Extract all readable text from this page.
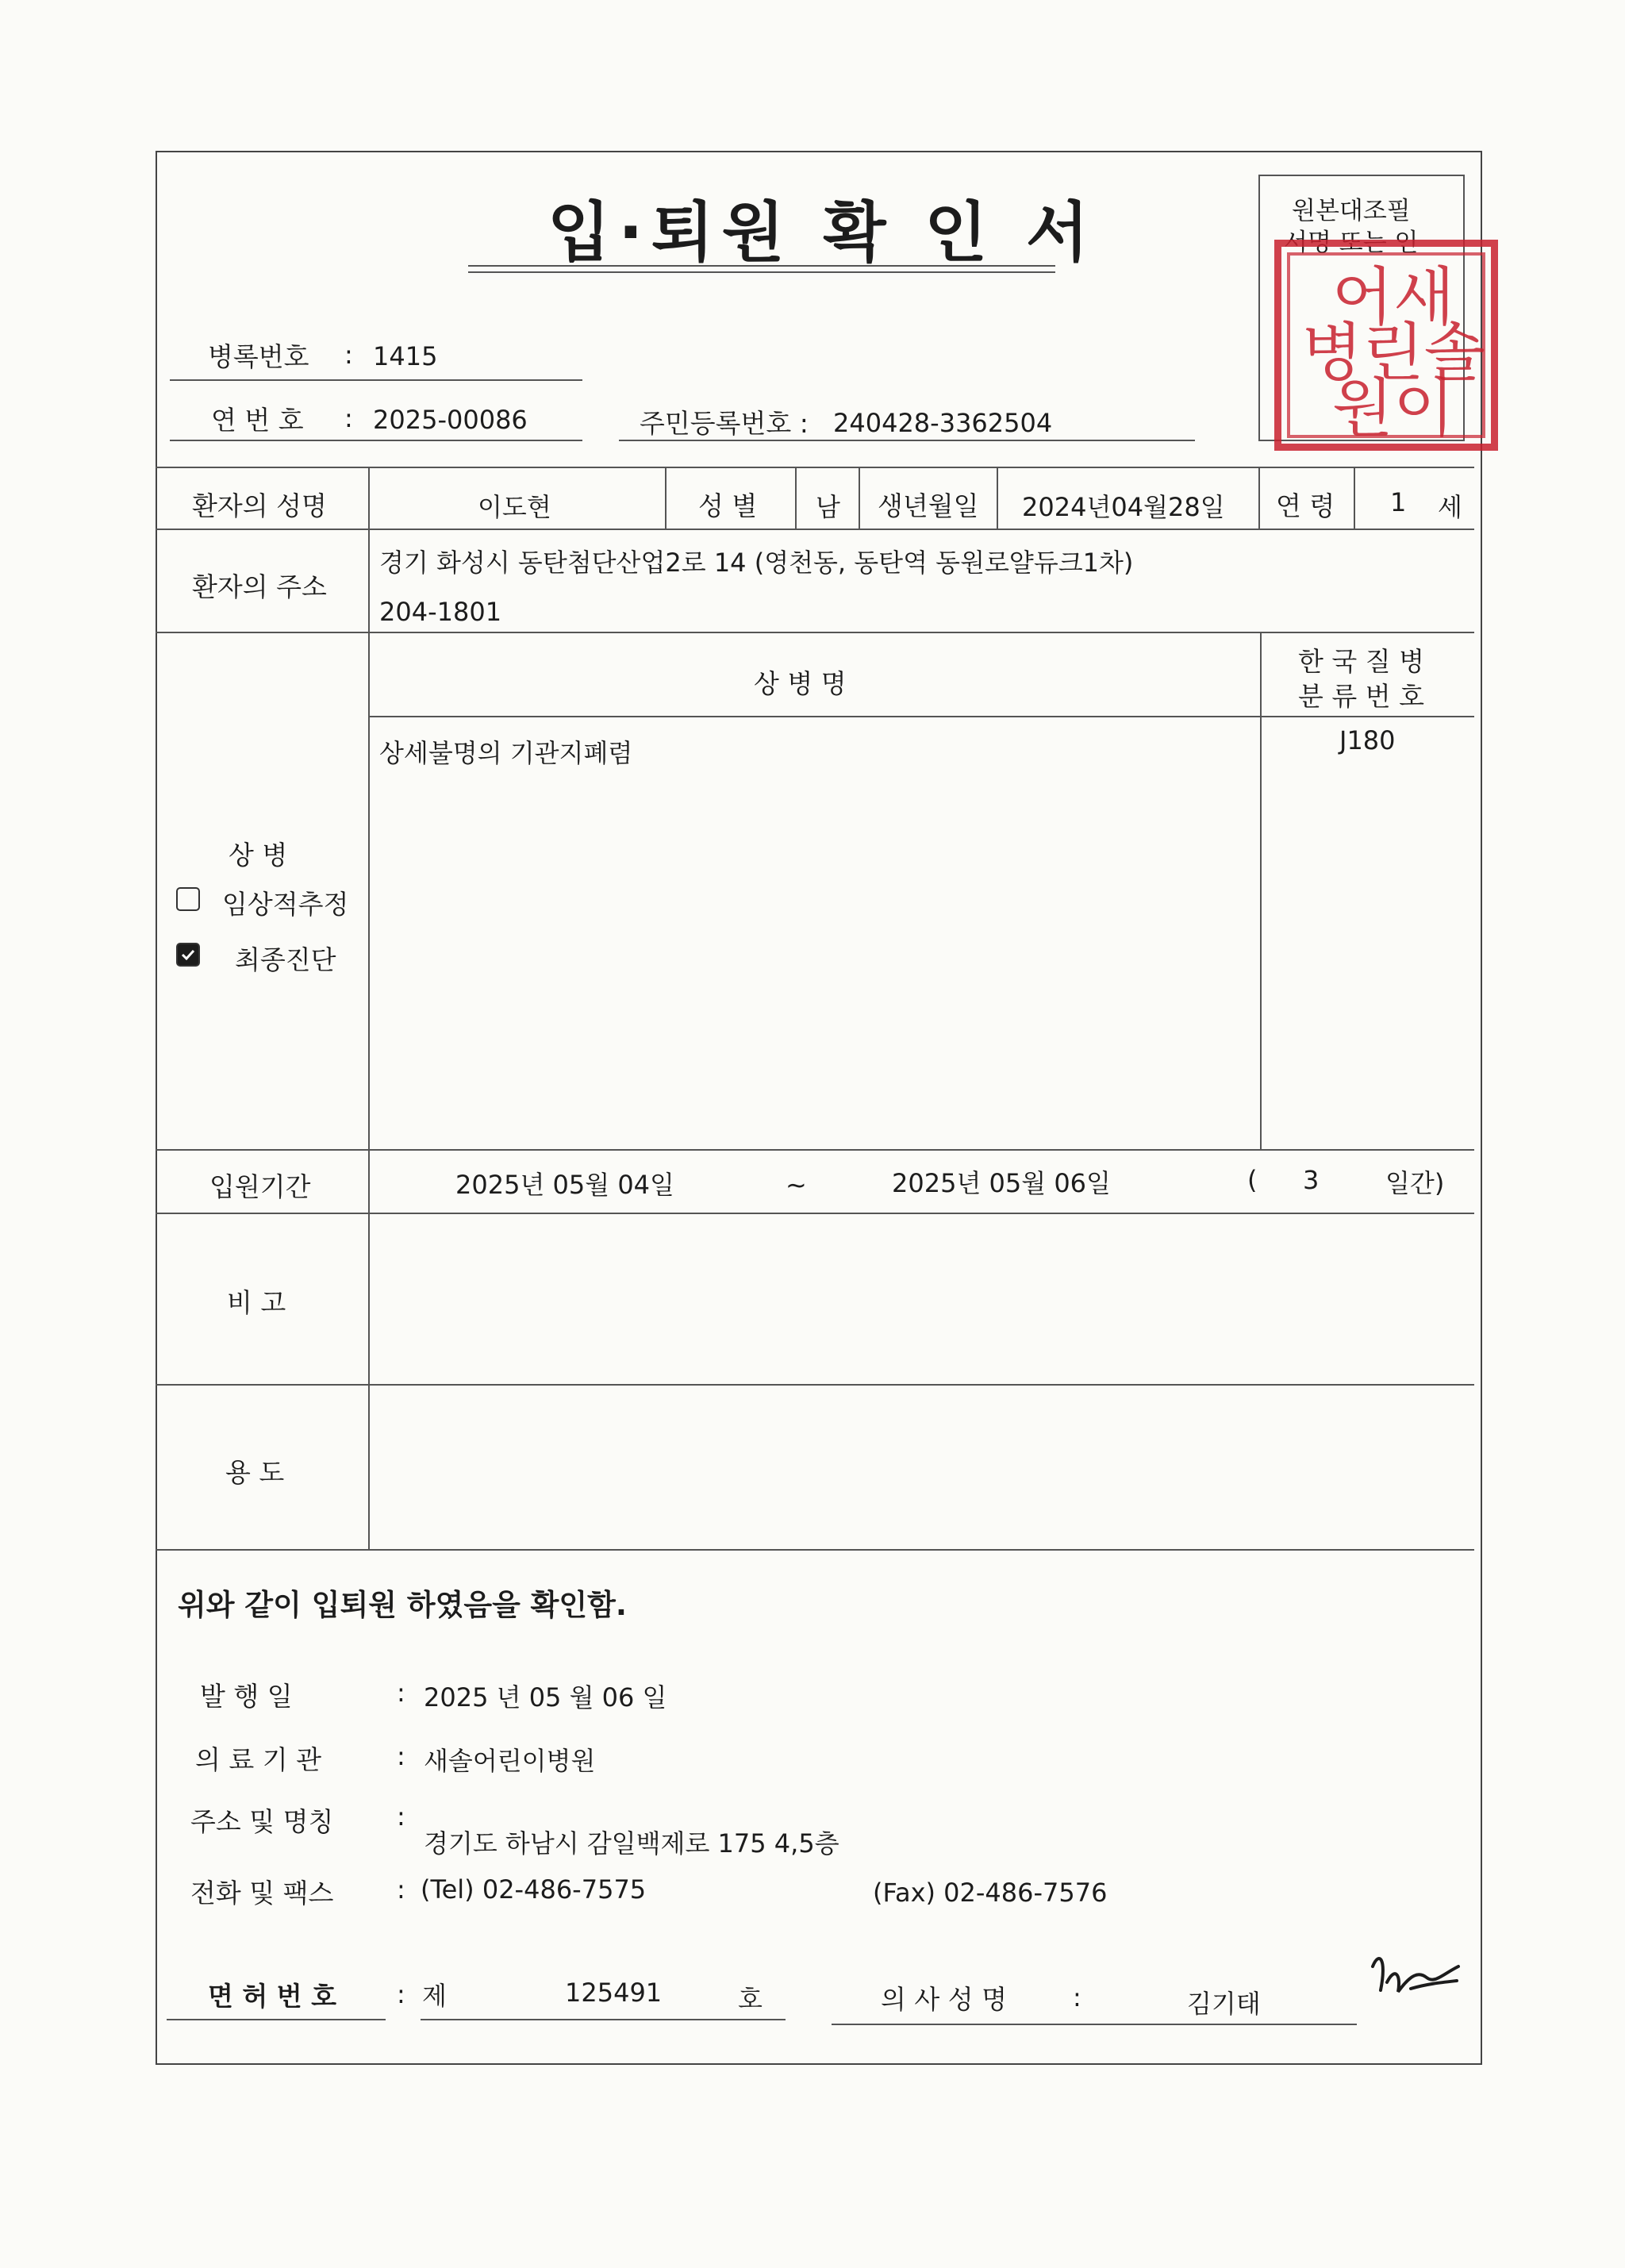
입·퇴원 확 인 서	원본대조필
서명 또는 인
어새
병린솔
원이
병록번호 : 1415
연 번 호 : 2025-00086	주민등록번호 : 240428-3362504
환자의 성명	이도현	성 별 남 생년월일 2024년04월28일 연 령 1 세
환자의 주소
경기 화성시 동탄첨단산업2로 14 (영천동, 동탄역 동원로얄듀크1차)
204-1801
상 병
임상적추정
최종진단
상 병 명
한 국 질 병
분 류 번 호
상세불명의 기관지폐렴	J180
입원기간	2025년 05월 04일	~	2025년 05월 06일	( 3	일간)
비 고
용 도
위와 같이 입퇴원 하였음을 확인함.
발 행 일	: 2025 년 05 월 06 일
의 료 기 관	: 새솔어린이병원
주소 및 명칭 :
경기도 하남시 감일백제로 175 4,5층
전화 및 팩스 : (Tel) 02-486-7575	(Fax) 02-486-7576
면 허 번 호 : 제	125491	호	의 사 성 명	:	김기태
